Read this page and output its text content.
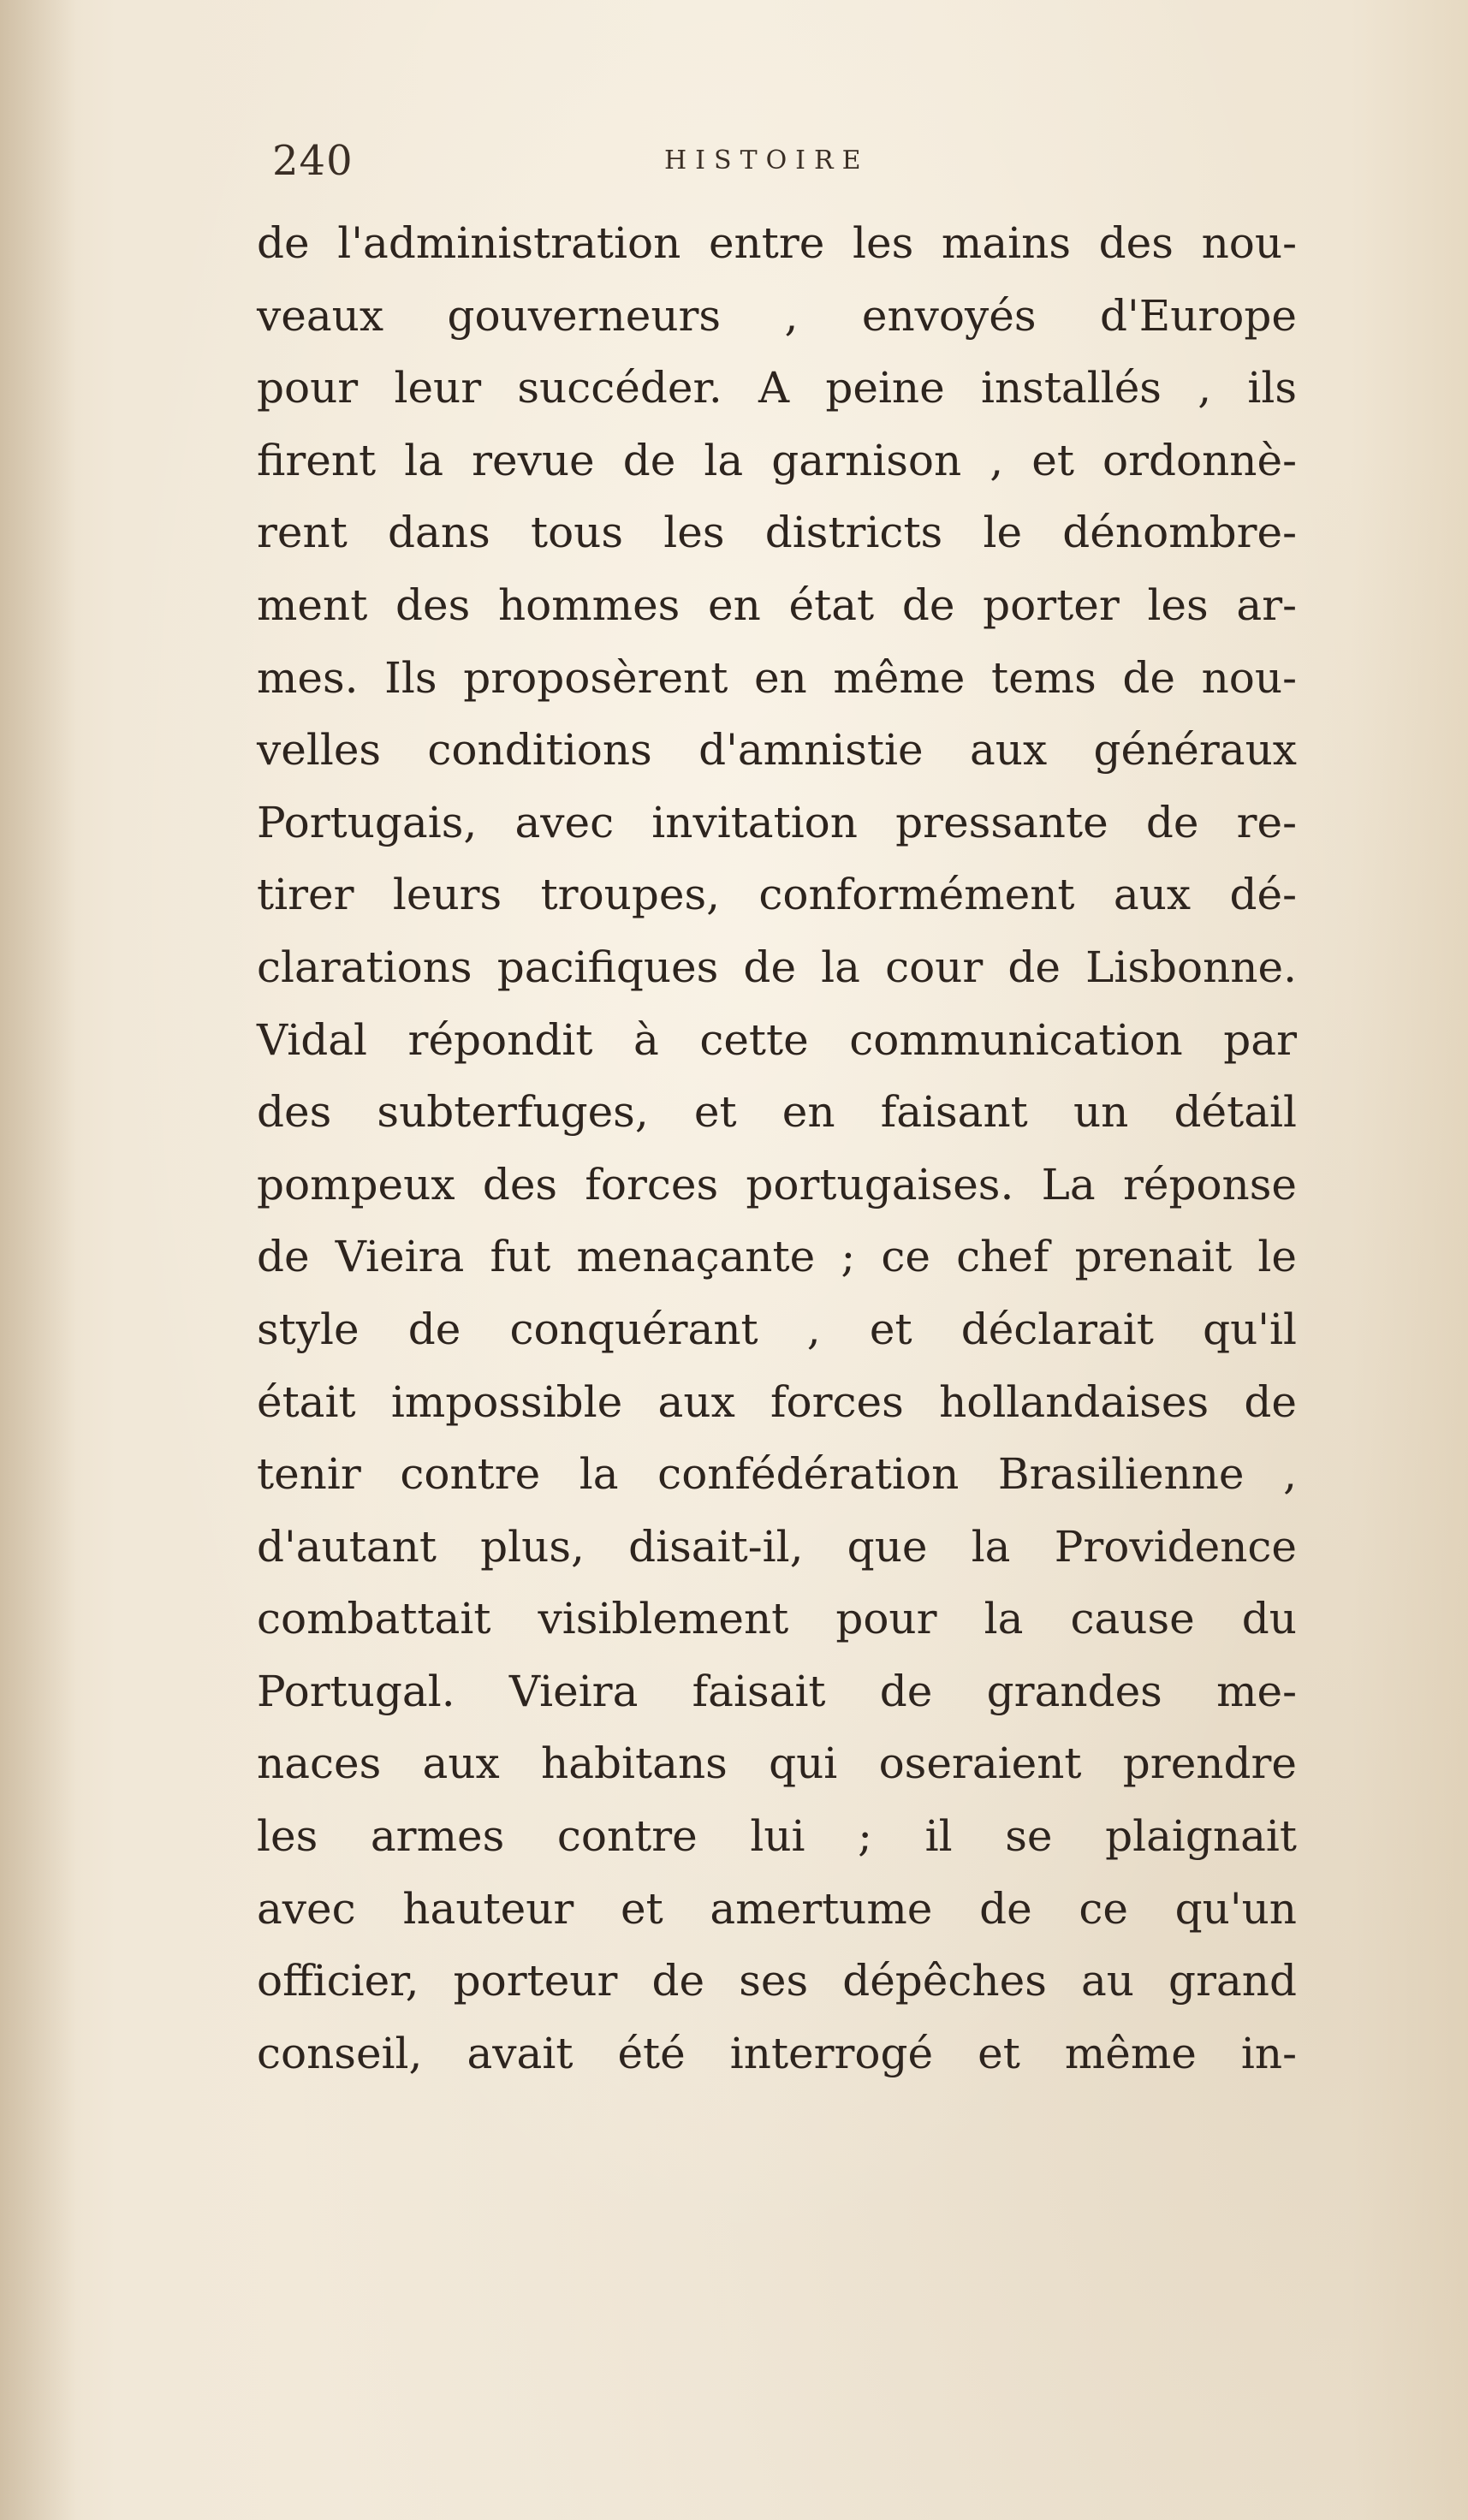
240	HISTOIRE
de l'administration entre les mains des nou-
veaux gouverneurs , envoyés d'Europe
pour leur succéder. A peine installés , ils
firent la revue de la garnison , et ordonnè-
rent dans tous les districts le dénombre-
ment des hommes en état de porter les ar-
mes. Ils proposèrent en même tems de nou-
velles conditions d'amnistie aux généraux
Portugais, avec invitation pressante de re-
tirer leurs troupes, conformément aux dé-
clarations pacifiques de la cour de Lisbonne.
Vidal répondit à cette communication par
des subterfuges, et en faisant un détail
pompeux des forces portugaises. La réponse
de Vieira fut menaçante ; ce chef prenait le
style de conquérant , et déclarait qu'il
était impossible aux forces hollandaises de
tenir contre la confédération Brasilienne ,
d'autant plus, disait-il, que la Providence
combattait visiblement pour la cause du
Portugal. Vieira faisait de grandes me-
naces aux habitans qui oseraient prendre
les armes contre lui ; il se plaignait
avec hauteur et amertume de ce qu'un
officier, porteur de ses dépêches au grand
conseil, avait été interrogé et même in-
